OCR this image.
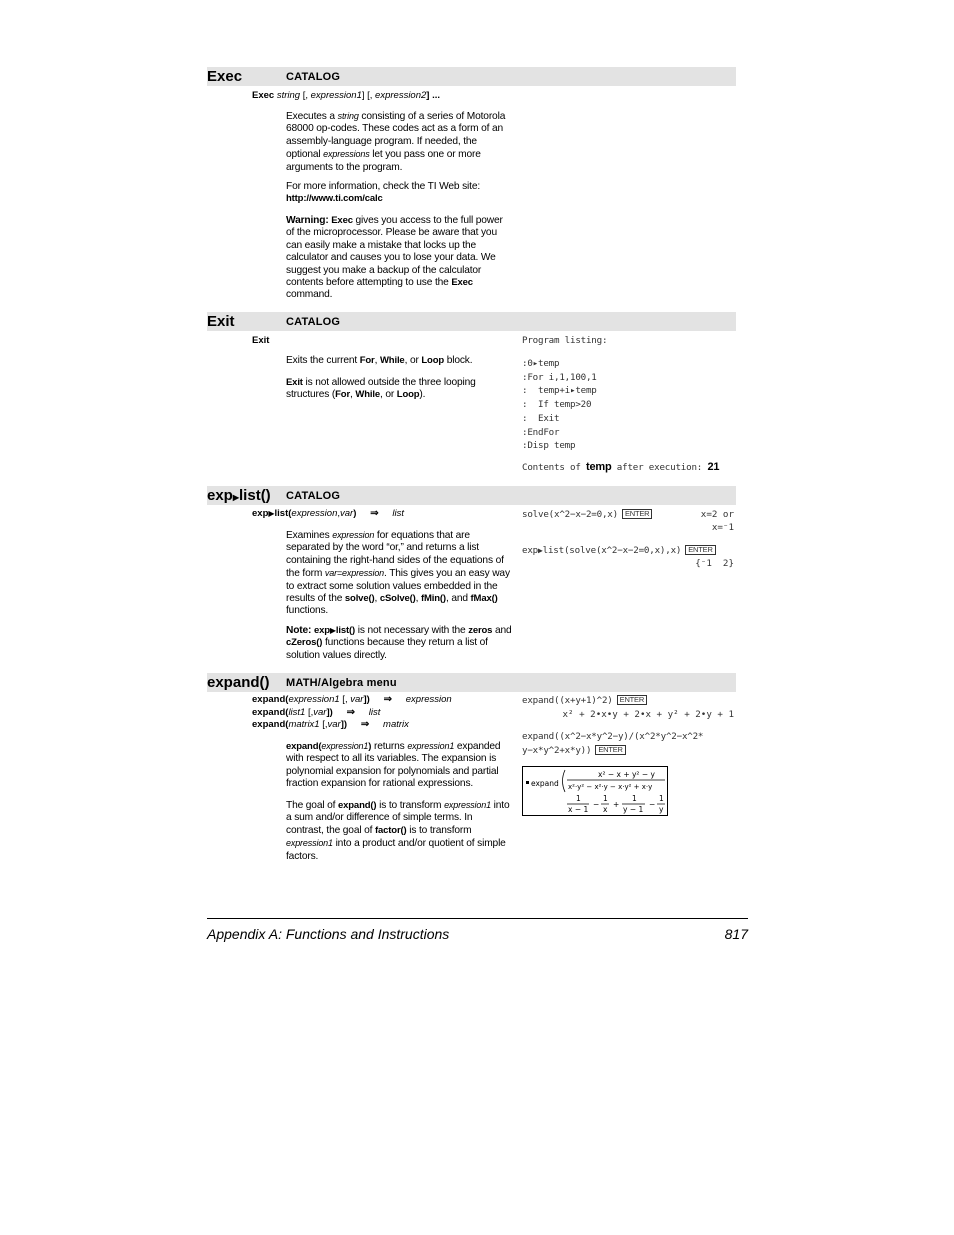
Exec	CATALOG
Exec string [, expression1] [, expression2] ...
Executes a string consisting of a series of Motorola 68000 op-codes. These codes act as a form of an assembly-language program. If needed, the optional expressions let you pass one or more arguments to the program.
For more information, check the TI Web site:
http://www.ti.com/calc
Warning: Exec gives you access to the full power of the microprocessor. Please be aware that you can easily make a mistake that locks up the calculator and causes you to lose your data. We suggest you make a backup of the calculator contents before attempting to use the Exec command.
Exit	CATALOG
Exit
Exits the current For, While, or Loop block.
Exit is not allowed outside the three looping structures (For, While, or Loop).
Program listing:
:0▸temp
:For i,1,100,1
:  temp+i▸temp
:  If temp>20
:  Exit
:EndFor
:Disp temp
Contents of temp after execution: 21
exp▶list() CATALOG
exp▶list(expression,var) ⇒ list
Examines expression for equations that are separated by the word “or,” and returns a list containing the right-hand sides of the equations of the form var=expression. This gives you an easy way to extract some solution values embedded in the results of the solve(), cSolve(), fMin(), and fMax() functions.
Note: exp▶list() is not necessary with the zeros and cZeros() functions because they return a list of solution values directly.
solve(x^2−x−2=0,x) ENTER	x=2 or
x=⁻1
exp▶list(solve(x^2−x−2=0,x),x) ENTER
{⁻1  2}
expand() MATH/Algebra menu
expand(expression1 [, var]) ⇒ expression
expand(list1 [,var]) ⇒ list
expand(matrix1 [,var]) ⇒ matrix
expand(expression1) returns expression1 expanded with respect to all its variables. The expansion is polynomial expansion for polynomials and partial fraction expansion for rational expressions.
The goal of expand() is to transform expression1 into a sum and/or difference of simple terms. In contrast, the goal of factor() is to transform expression1 into a product and/or quotient of simple factors.
expand((x+y+1)^2) ENTER
x² + 2•x•y + 2•x + y² + 2•y + 1
expand((x^2−x*y^2−y)/(x^2*y^2−x^2*
y−x*y^2+x*y)) ENTER
expand
x² − x + y² − y
x²·y² − x²·y − x·y² + x·y
1
x − 1
−
1
x
+
1
y − 1
−
1
y
Appendix A: Functions and Instructions	817
